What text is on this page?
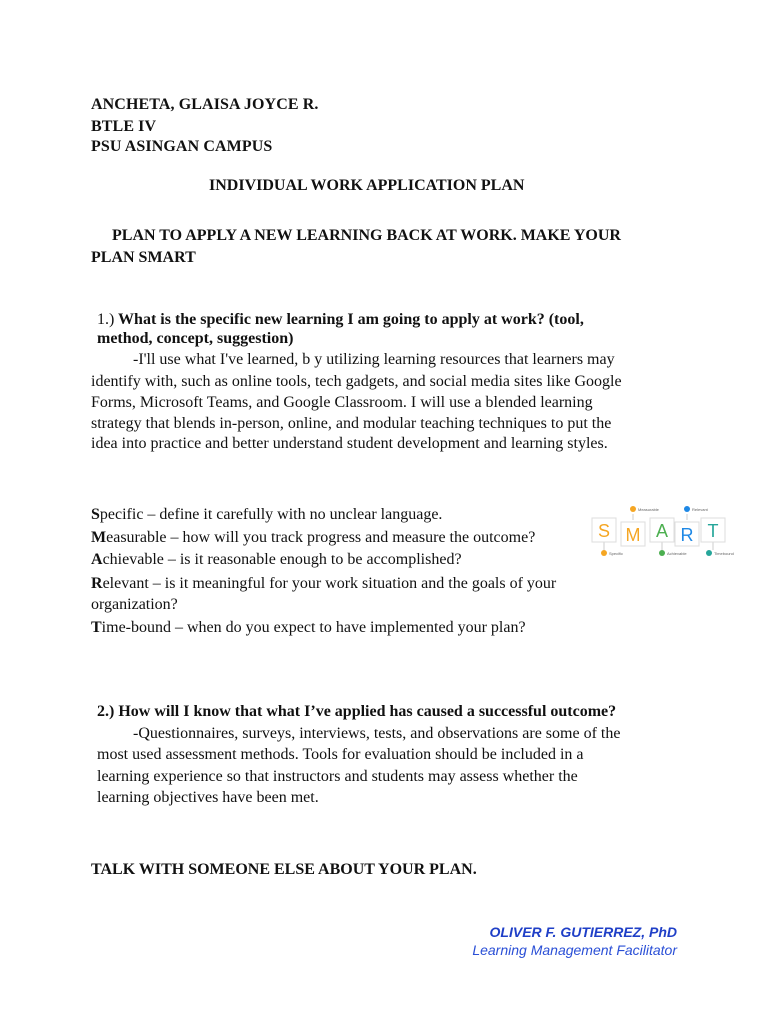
ANCHETA, GLAISA JOYCE R.
BTLE IV
PSU ASINGAN CAMPUS
INDIVIDUAL WORK APPLICATION PLAN
PLAN TO APPLY A NEW LEARNING BACK AT WORK. MAKE YOUR PLAN SMART
1.) What is the specific new learning I am going to apply at work? (tool,
method, concept, suggestion)
-I'll use what I've learned, b y utilizing learning resources that learners may
identify with, such as online tools, tech gadgets, and social media sites like Google
Forms, Microsoft Teams, and Google Classroom. I will use a blended learning
strategy that blends in-person, online, and modular teaching techniques to put the
idea into practice and better understand student development and learning styles.
Specific – define it carefully with no unclear language.
Measurable – how will you track progress and measure the outcome?
Achievable – is it reasonable enough to be accomplished?
Relevant – is it meaningful for your work situation and the goals of your
organization?
Time-bound – when do you expect to have implemented your plan?
S M A R T
Measurable	Relevant
Specific	Achievable	Timebound
2.) How will I know that what I’ve applied has caused a successful outcome?
-Questionnaires, surveys, interviews, tests, and observations are some of the
most used assessment methods. Tools for evaluation should be included in a
learning experience so that instructors and students may assess whether the
learning objectives have been met.
TALK WITH SOMEONE ELSE ABOUT YOUR PLAN.
OLIVER F. GUTIERREZ, PhD
Learning Management Facilitator
